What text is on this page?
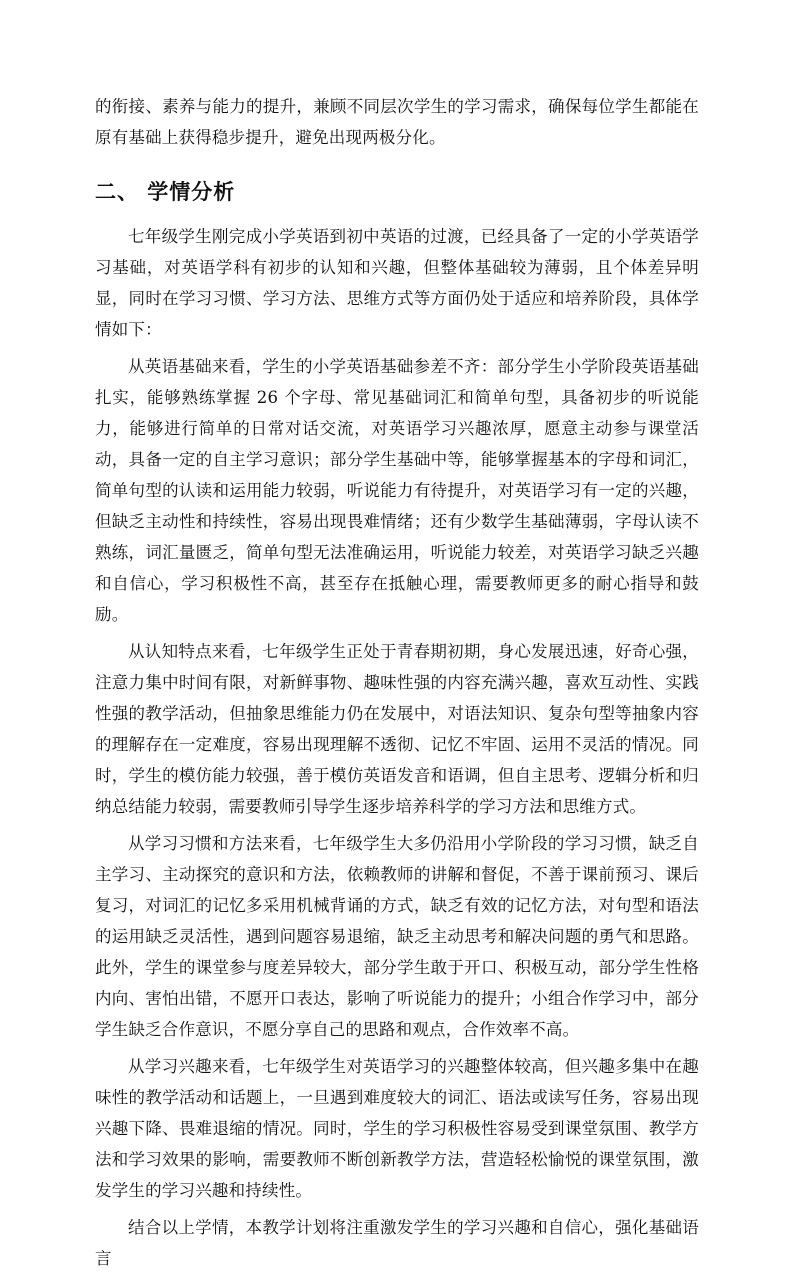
的衔接、素养与能力的提升，兼顾不同层次学生的学习需求，确保每位学生都能在原有基础上获得稳步提升，避免出现两极分化。

二、 学情分析

七年级学生刚完成小学英语到初中英语的过渡，已经具备了一定的小学英语学习基础，对英语学科有初步的认知和兴趣，但整体基础较为薄弱，且个体差异明显，同时在学习习惯、学习方法、思维方式等方面仍处于适应和培养阶段，具体学情如下：

从英语基础来看，学生的小学英语基础参差不齐：部分学生小学阶段英语基础扎实，能够熟练掌握 26 个字母、常见基础词汇和简单句型，具备初步的听说能力，能够进行简单的日常对话交流，对英语学习兴趣浓厚，愿意主动参与课堂活动，具备一定的自主学习意识；部分学生基础中等，能够掌握基本的字母和词汇，简单句型的认读和运用能力较弱，听说能力有待提升，对英语学习有一定的兴趣，但缺乏主动性和持续性，容易出现畏难情绪；还有少数学生基础薄弱，字母认读不熟练，词汇量匮乏，简单句型无法准确运用，听说能力较差，对英语学习缺乏兴趣和自信心，学习积极性不高，甚至存在抵触心理，需要教师更多的耐心指导和鼓励。

从认知特点来看，七年级学生正处于青春期初期，身心发展迅速，好奇心强，注意力集中时间有限，对新鲜事物、趣味性强的内容充满兴趣，喜欢互动性、实践性强的教学活动，但抽象思维能力仍在发展中，对语法知识、复杂句型等抽象内容的理解存在一定难度，容易出现理解不透彻、记忆不牢固、运用不灵活的情况。同时，学生的模仿能力较强，善于模仿英语发音和语调，但自主思考、逻辑分析和归纳总结能力较弱，需要教师引导学生逐步培养科学的学习方法和思维方式。

从学习习惯和方法来看，七年级学生大多仍沿用小学阶段的学习习惯，缺乏自主学习、主动探究的意识和方法，依赖教师的讲解和督促，不善于课前预习、课后复习，对词汇的记忆多采用机械背诵的方式，缺乏有效的记忆方法，对句型和语法的运用缺乏灵活性，遇到问题容易退缩，缺乏主动思考和解决问题的勇气和思路。此外，学生的课堂参与度差异较大，部分学生敢于开口、积极互动，部分学生性格内向、害怕出错，不愿开口表达，影响了听说能力的提升；小组合作学习中，部分学生缺乏合作意识，不愿分享自己的思路和观点，合作效率不高。

从学习兴趣来看，七年级学生对英语学习的兴趣整体较高，但兴趣多集中在趣味性的教学活动和话题上，一旦遇到难度较大的词汇、语法或读写任务，容易出现兴趣下降、畏难退缩的情况。同时，学生的学习积极性容易受到课堂氛围、教学方法和学习效果的影响，需要教师不断创新教学方法，营造轻松愉悦的课堂氛围，激发学生的学习兴趣和持续性。

结合以上学情，本教学计划将注重激发学生的学习兴趣和自信心，强化基础语言
